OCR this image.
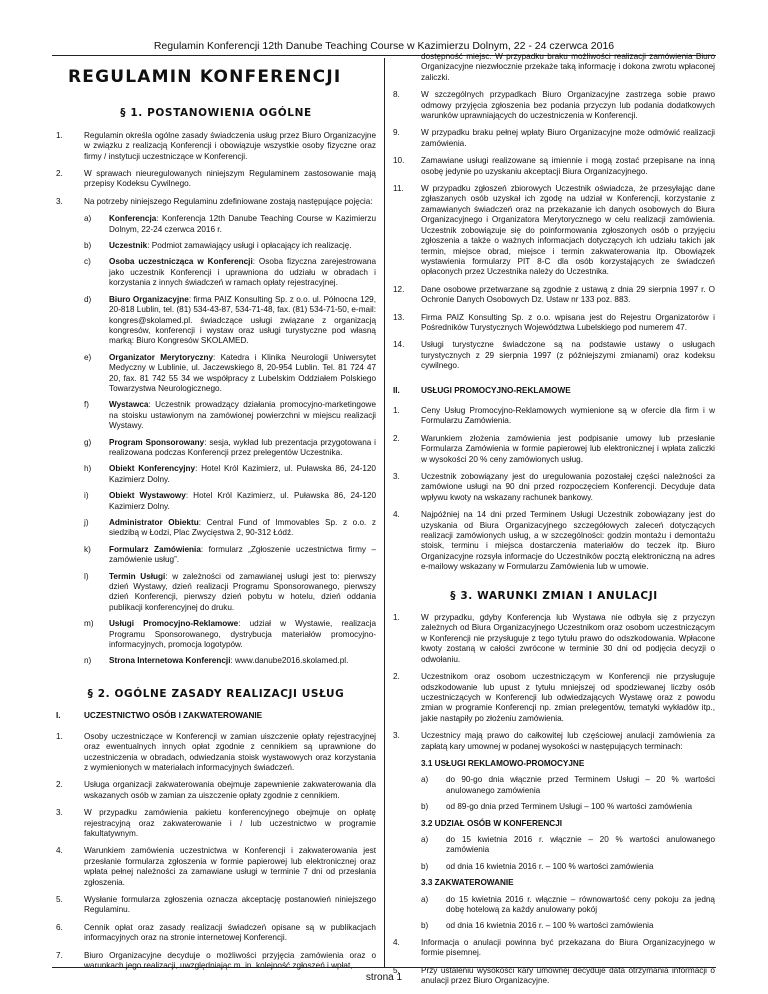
Regulamin Konferencji 12th Danube Teaching Course w Kazimierzu Dolnym, 22 - 24 czerwca 2016
REGULAMIN KONFERENCJI
§ 1. POSTANOWIENIA OGÓLNE
1.	Regulamin określa ogólne zasady świadczenia usług przez Biuro Organizacyjne w związku z realizacją Konferencji i obowiązuje wszystkie osoby fizyczne oraz firmy / instytucji uczestniczące w Konferencji.
2.	W sprawach nieuregulowanych niniejszym Regulaminem zastosowanie mają przepisy Kodeksu Cywilnego.
3.	Na potrzeby niniejszego Regulaminu zdefiniowane zostają następujące pojęcia:
a)	Konferencja: Konferencja 12th Danube Teaching Course w Kazimierzu Dolnym, 22-24 czerwca 2016 r.
b)	Uczestnik: Podmiot zamawiający usługi i opłacający ich realizację.
c)	Osoba uczestnicząca w Konferencji: Osoba fizyczna zarejestrowana jako uczestnik Konferencji i uprawniona do udziału w obradach i korzystania z innych świadczeń w ramach opłaty rejestracyjnej.
d)	Biuro Organizacyjne: firma PAIZ Konsulting Sp. z o.o. ul. Północna 129, 20-818 Lublin, tel. (81) 534-43-87, 534-71-48, fax. (81) 534-71-50, e-mail: kongres@skolamed.pl. świadczące usługi związane z organizacją kongresów, konferencji i wystaw oraz usługi turystyczne pod własną marką: Biuro Kongresów SKOLAMED.
e)	Organizator Merytoryczny: Katedra i Klinika Neurologii Uniwersytet Medyczny w Lublinie, ul. Jaczewskiego 8, 20-954 Lublin. Tel. 81 724 47 20, fax. 81 742 55 34 we współpracy z Lubelskim Oddziałem Polskiego Towarzystwa Neurologicznego.
f)	Wystawca: Uczestnik prowadzący działania promocyjno-marketingowe na stoisku ustawionym na zamówionej powierzchni w miejscu realizacji Wystawy.
g)	Program Sponsorowany: sesja, wykład lub prezentacja przygotowana i realizowana podczas Konferencji przez prelegentów Uczestnika.
h)	Obiekt Konferencyjny: Hotel Król Kazimierz, ul. Puławska 86, 24-120 Kazimierz Dolny.
i)	Obiekt Wystawowy: Hotel Król Kazimierz, ul. Puławska 86, 24-120 Kazimierz Dolny.
j)	Administrator Obiektu: Central Fund of Immovables Sp. z o.o. z siedzibą w Łodzi, Plac Zwycięstwa 2, 90-312 Łódź.
k)	Formularz Zamówienia: formularz „Zgłoszenie uczestnictwa firmy – zamówienie usług”.
l)	Termin Usługi: w zależności od zamawianej usługi jest to: pierwszy dzień Wystawy, dzień realizacji Programu Sponsorowanego, pierwszy dzień Konferencji, pierwszy dzień pobytu w hotelu, dzień oddania publikacji konferencyjnej do druku.
m)	Usługi Promocyjno-Reklamowe: udział w Wystawie, realizacja Programu Sponsorowanego, dystrybucja materiałów promocyjno-informacyjnych, promocja logotypów.
n)	Strona Internetowa Konferencji: www.danube2016.skolamed.pl.
§ 2. OGÓLNE ZASADY REALIZACJI USŁUG
I.	UCZESTNICTWO OSÓB I ZAKWATEROWANIE
1.	Osoby uczestniczące w Konferencji w zamian uiszczenie opłaty rejestracyjnej oraz ewentualnych innych opłat zgodnie z cennikiem są uprawnione do uczestniczenia w obradach, odwiedzania stoisk wystawowych oraz korzystania z wymienionych w materiałach informacyjnych świadczeń.
2.	Usługa organizacji zakwaterowania obejmuje zapewnienie zakwaterowania dla wskazanych osób w zamian za uiszczenie opłaty zgodnie z cennikiem.
3.	W przypadku zamówienia pakietu konferencyjnego obejmuje on opłatę rejestracyjną oraz zakwaterowanie i / lub uczestnictwo w programie fakultatywnym.
4.	Warunkiem zamówienia uczestnictwa w Konferencji i zakwaterowania jest przesłanie formularza zgłoszenia w formie papierowej lub elektronicznej oraz wpłata pełnej należności za zamawiane usługi w terminie 7 dni od przesłania zgłoszenia.
5.	Wysłanie formularza zgłoszenia oznacza akceptację postanowień niniejszego Regulaminu.
6.	Cennik opłat oraz zasady realizacji świadczeń opisane są w publikacjach informacyjnych oraz na stronie internetowej Konferencji.
7.	Biuro Organizacyjne decyduje o możliwości przyjęcia zamówienia oraz o warunkach jego realizacji, uwzględniając m. in. kolejność zgłoszeń i wpłat,
dostępność miejsc. W przypadku braku możliwości realizacji zamówienia Biuro Organizacyjne niezwłocznie przekaże taką informację i dokona zwrotu wpłaconej zaliczki.
8.	W szczególnych przypadkach Biuro Organizacyjne zastrzega sobie prawo odmowy przyjęcia zgłoszenia bez podania przyczyn lub podania dodatkowych warunków uprawniających do uczestniczenia w Konferencji.
9.	W przypadku braku pełnej wpłaty Biuro Organizacyjne może odmówić realizacji zamówienia.
10.	Zamawiane usługi realizowane są imiennie i mogą zostać przepisane na inną osobę jedynie po uzyskaniu akceptacji Biura Organizacyjnego.
11.	W przypadku zgłoszeń zbiorowych Uczestnik oświadcza, że przesyłając dane zgłaszanych osób uzyskał ich zgodę na udział w Konferencji, korzystanie z zamawianych świadczeń oraz na przekazanie ich danych osobowych do Biura Organizacyjnego i Organizatora Merytorycznego w celu realizacji zamówienia. Uczestnik zobowiązuje się do poinformowania zgłoszonych osób o przyjęciu zgłoszenia a także o ważnych informacjach dotyczących ich udziału takich jak termin, miejsce obrad, miejsce i termin zakwaterowania itp. Obowiązek wystawienia formularzy PIT 8-C dla osób korzystających ze świadczeń opłaconych przez Uczestnika należy do Uczestnika.
12.	Dane osobowe przetwarzane są zgodnie z ustawą z dnia 29 sierpnia 1997 r. O Ochronie Danych Osobowych Dz. Ustaw nr 133 poz. 883.
13.	Firma PAIZ Konsulting Sp. z o.o. wpisana jest do Rejestru Organizatorów i Pośredników Turystycznych Województwa Lubelskiego pod numerem 47.
14.	Usługi turystyczne świadczone są na podstawie ustawy o usługach turystycznych z 29 sierpnia 1997 (z późniejszymi zmianami) oraz kodeksu cywilnego.
II.	USŁUGI PROMOCYJNO-REKLAMOWE
1.	Ceny Usług Promocyjno-Reklamowych wymienione są w ofercie dla firm i w Formularzu Zamówienia.
2.	Warunkiem złożenia zamówienia jest podpisanie umowy lub przesłanie Formularza Zamówienia w formie papierowej lub elektronicznej i wpłata zaliczki w wysokości 20 % ceny zamówionych usług.
3.	Uczestnik zobowiązany jest do uregulowania pozostałej części należności za zamówione usługi na 90 dni przed rozpoczęciem Konferencji. Decyduje data wpływu kwoty na wskazany rachunek bankowy.
4.	Najpóźniej na 14 dni przed Terminem Usługi Uczestnik zobowiązany jest do uzyskania od Biura Organizacyjnego szczegółowych zaleceń dotyczących realizacji zamówionych usług, a w szczególności: godzin montażu i demontażu stoisk, terminu i miejsca dostarczenia materiałów do teczek itp. Biuro Organizacyjne rozsyła informacje do Uczestników pocztą elektroniczną na adres e-mailowy wskazany w Formularzu Zamówienia lub w umowie.
§ 3. WARUNKI ZMIAN I ANULACJI
1.	W przypadku, gdyby Konferencja lub Wystawa nie odbyła się z przyczyn zależnych od Biura Organizacyjnego Uczestnikom oraz osobom uczestniczącym w Konferencji nie przysługuje z tego tytułu prawo do odszkodowania. Wpłacone kwoty zostaną w całości zwrócone w terminie 30 dni od podjęcia decyzji o odwołaniu.
2.	Uczestnikom oraz osobom uczestniczącym w Konferencji nie przysługuje odszkodowanie lub upust z tytułu mniejszej od spodziewanej liczby osób uczestniczących w Konferencji lub odwiedzających Wystawę oraz z powodu zmian w programie Konferencji np. zmian prelegentów, tematyki wykładów itp., jakie nastąpiły po złożeniu zamówienia.
3.	Uczestnicy mają prawo do całkowitej lub częściowej anulacji zamówienia za zapłatą kary umownej w podanej wysokości w następujących terminach:
3.1 USŁUGI REKLAMOWO-PROMOCYJNE
a)	do 90-go dnia włącznie przed Terminem Usługi – 20 % wartości anulowanego zamówienia
b)	od 89-go dnia przed Terminem Usługi – 100 % wartości zamówienia
3.2 UDZIAŁ OSÓB W KONFERENCJI
a)	do 15 kwietnia 2016 r. włącznie – 20 % wartości anulowanego zamówienia
b)	od dnia 16 kwietnia 2016 r. – 100 % wartości zamówienia
3.3 ZAKWATEROWANIE
a)	do 15 kwietnia 2016 r. włącznie – równowartość ceny pokoju za jedną dobę hotelową za każdy anulowany pokój
b)	od dnia 16 kwietnia 2016 r. – 100 % wartości zamówienia
4.	Informacja o anulacji powinna być przekazana do Biura Organizacyjnego w formie pisemnej.
5.	Przy ustaleniu wysokości kary umownej decyduje data otrzymania informacji o anulacji przez Biuro Organizacyjne.
strona 1
